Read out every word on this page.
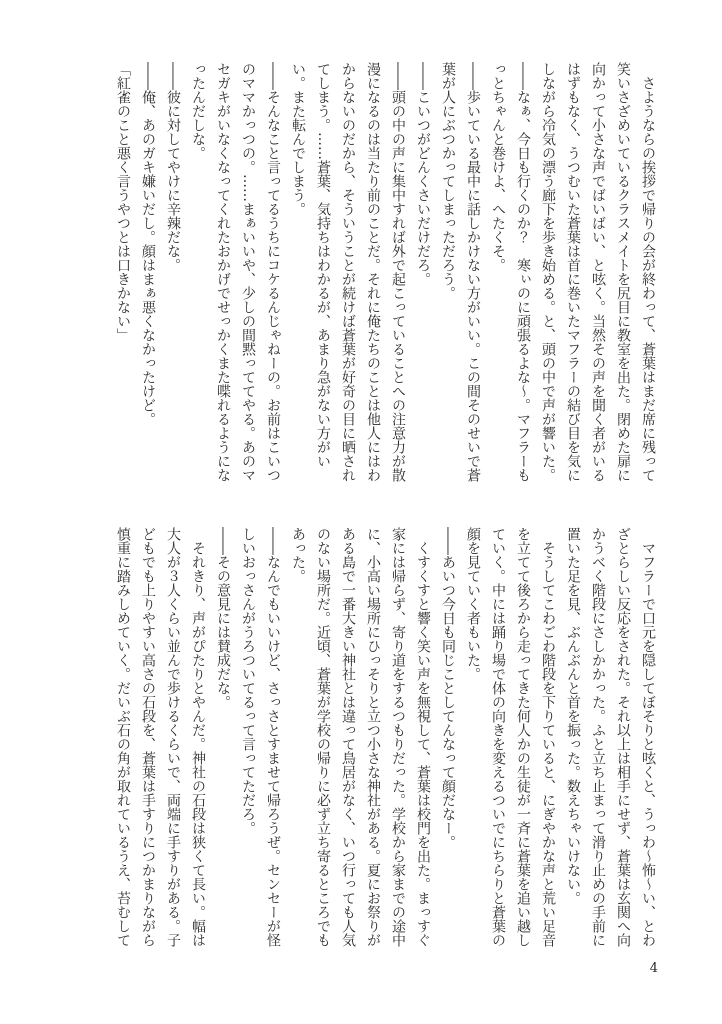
さようならの挨拶で帰りの会が終わって、蒼葉はまだ席に残って笑いさざめいているクラスメイトを尻目に教室を出た。閉めた扉に向かって小さな声でばいばい、と呟く。当然その声を聞く者がいるはずもなく、うつむいた蒼葉は首に巻いたマフラーの結び目を気にしながら冷気の漂う廊下を歩き始める。と、頭の中で声が響いた。

――なぁ、今日も行くのか？　寒ぃのに頑張るよな～。マフラーもっとちゃんと巻けよ、へたくそ。

――歩いている最中に話しかけない方がいい。この間そのせいで蒼葉が人にぶつかってしまっただろう。

――こいつがどんくさいだけだろ。

――頭の中の声に集中すれば外で起こっていることへの注意力が散漫になるのは当たり前のことだ。それに俺たちのことは他人にはわからないのだから、そういうことが続けば蒼葉が好奇の目に晒されてしまう。……蒼葉、気持ちはわかるが、あまり急がない方がいい。また転んでしまう。

――そんなこと言ってるうちにコケるんじゃねーの。お前はこいつのママかっつの。……まぁいいや、少しの間黙っててやる。あのマセガキがいなくなってくれたおかげでせっかくまた喋れるようになったんだしな。

――彼に対してやけに辛辣だな。

――俺、あのガキ嫌いだし。顔はまぁ悪くなかったけど。

「紅雀のこと悪く言うやつとは口きかない」

マフラーで口元を隠してぼそりと呟くと、うっわ～怖～い、とわざとらしい反応をされた。それ以上は相手にせず、蒼葉は玄関へ向かうべく階段にさしかかった。ふと立ち止まって滑り止めの手前に置いた足を見、ぶんぶんと首を振った。数えちゃいけない。

そうしてこわごわ階段を下りていると、にぎやかな声と荒い足音を立てて後ろから走ってきた何人かの生徒が一斉に蒼葉を追い越していく。中には踊り場で体の向きを変えるついでにちらりと蒼葉の顔を見ていく者もいた。

――あいつ今日も同じことしてんなって顔だなー。

くすくすと響く笑い声を無視して、蒼葉は校門を出た。まっすぐ家には帰らず、寄り道をするつもりだった。学校から家までの途中に、小高い場所にひっそりと立つ小さな神社がある。夏にお祭りがある島で一番大きい神社とは違って鳥居がなく、いつ行っても人気のない場所だ。近頃、蒼葉が学校の帰りに必ず立ち寄るところでもあった。

――なんでもいいけど、さっさとすませて帰ろうぜ。センセーが怪しいおっさんがうろついてるって言ってただろ。

――その意見には賛成だな。

それきり、声がぴたりとやんだ。神社の石段は狭くて長い。幅は大人が３人くらい並んで歩けるくらいで、両端に手すりがある。子どもでも上りやすい高さの石段を、蒼葉は手すりにつかまりながら慎重に踏みしめていく。だいぶ石の角が取れているうえ、苔むして

4
